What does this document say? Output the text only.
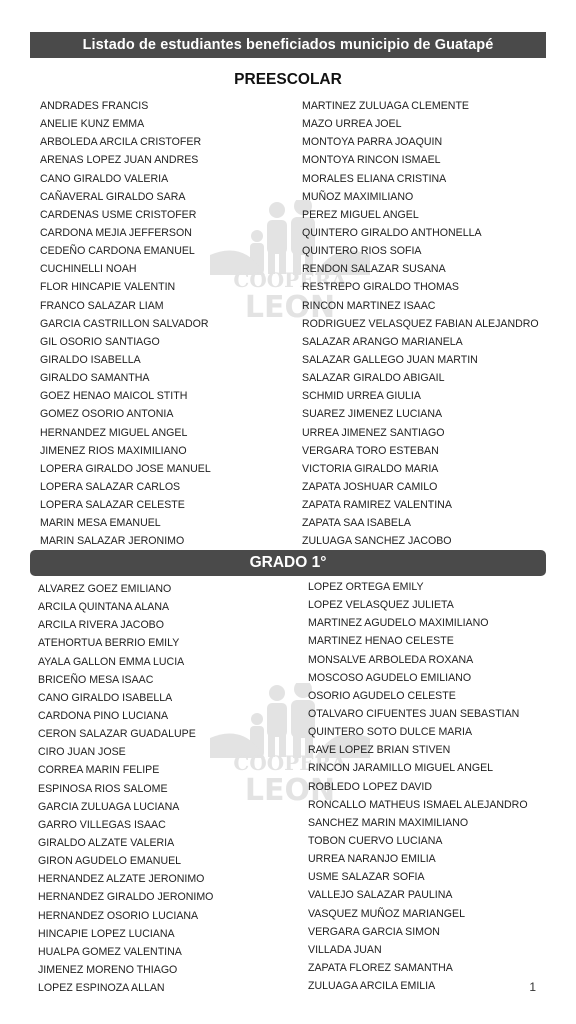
Listado de estudiantes beneficiados municipio de Guatapé
PREESCOLAR
COOPERA
LEON
ANDRADES FRANCIS
ANELIE KUNZ EMMA
ARBOLEDA ARCILA CRISTOFER
ARENAS LOPEZ JUAN ANDRES
CANO GIRALDO VALERIA
CAÑAVERAL GIRALDO SARA
CARDENAS USME CRISTOFER
CARDONA MEJIA JEFFERSON
CEDEÑO CARDONA EMANUEL
CUCHINELLI NOAH
FLOR HINCAPIE VALENTIN
FRANCO SALAZAR LIAM
GARCIA CASTRILLON SALVADOR
GIL OSORIO SANTIAGO
GIRALDO ISABELLA
GIRALDO SAMANTHA
GOEZ HENAO MAICOL STITH
GOMEZ OSORIO ANTONIA
HERNANDEZ MIGUEL ANGEL
JIMENEZ RIOS MAXIMILIANO
LOPERA GIRALDO JOSE MANUEL
LOPERA SALAZAR CARLOS
LOPERA SALAZAR CELESTE
MARIN MESA EMANUEL
MARIN SALAZAR JERONIMO
MARTINEZ ZULUAGA CLEMENTE
MAZO URREA JOEL
MONTOYA PARRA JOAQUIN
MONTOYA RINCON ISMAEL
MORALES ELIANA CRISTINA
MUÑOZ MAXIMILIANO
PEREZ MIGUEL ANGEL
QUINTERO GIRALDO ANTHONELLA
QUINTERO RIOS SOFIA
RENDON SALAZAR SUSANA
RESTREPO GIRALDO THOMAS
RINCON MARTINEZ ISAAC
RODRIGUEZ VELASQUEZ FABIAN ALEJANDRO
SALAZAR ARANGO MARIANELA
SALAZAR GALLEGO JUAN MARTIN
SALAZAR GIRALDO ABIGAIL
SCHMID URREA GIULIA
SUAREZ JIMENEZ LUCIANA
URREA JIMENEZ SANTIAGO
VERGARA TORO ESTEBAN
VICTORIA GIRALDO MARIA
ZAPATA JOSHUAR CAMILO
ZAPATA RAMIREZ VALENTINA
ZAPATA SAA ISABELA
ZULUAGA SANCHEZ JACOBO
GRADO 1°
COOPERA
LEON
ALVAREZ GOEZ EMILIANO
ARCILA QUINTANA ALANA
ARCILA RIVERA JACOBO
ATEHORTUA BERRIO EMILY
AYALA GALLON EMMA LUCIA
BRICEÑO MESA ISAAC
CANO GIRALDO ISABELLA
CARDONA PINO LUCIANA
CERON SALAZAR GUADALUPE
CIRO JUAN JOSE
CORREA MARIN FELIPE
ESPINOSA RIOS SALOME
GARCIA ZULUAGA LUCIANA
GARRO VILLEGAS ISAAC
GIRALDO ALZATE VALERIA
GIRON AGUDELO EMANUEL
HERNANDEZ ALZATE JERONIMO
HERNANDEZ GIRALDO JERONIMO
HERNANDEZ OSORIO LUCIANA
HINCAPIE LOPEZ LUCIANA
HUALPA GOMEZ VALENTINA
JIMENEZ MORENO THIAGO
LOPEZ ESPINOZA ALLAN
LOPEZ ORTEGA EMILY
LOPEZ VELASQUEZ JULIETA
MARTINEZ AGUDELO MAXIMILIANO
MARTINEZ HENAO CELESTE
MONSALVE ARBOLEDA ROXANA
MOSCOSO AGUDELO EMILIANO
OSORIO AGUDELO CELESTE
OTALVARO CIFUENTES JUAN SEBASTIAN
QUINTERO SOTO DULCE MARIA
RAVE LOPEZ BRIAN STIVEN
RINCON JARAMILLO MIGUEL ANGEL
ROBLEDO LOPEZ DAVID
RONCALLO MATHEUS ISMAEL ALEJANDRO
SANCHEZ MARIN MAXIMILIANO
TOBON CUERVO LUCIANA
URREA NARANJO EMILIA
USME SALAZAR SOFIA
VALLEJO SALAZAR PAULINA
VASQUEZ MUÑOZ MARIANGEL
VERGARA GARCIA SIMON
VILLADA JUAN
ZAPATA FLOREZ SAMANTHA
ZULUAGA ARCILA EMILIA	1
